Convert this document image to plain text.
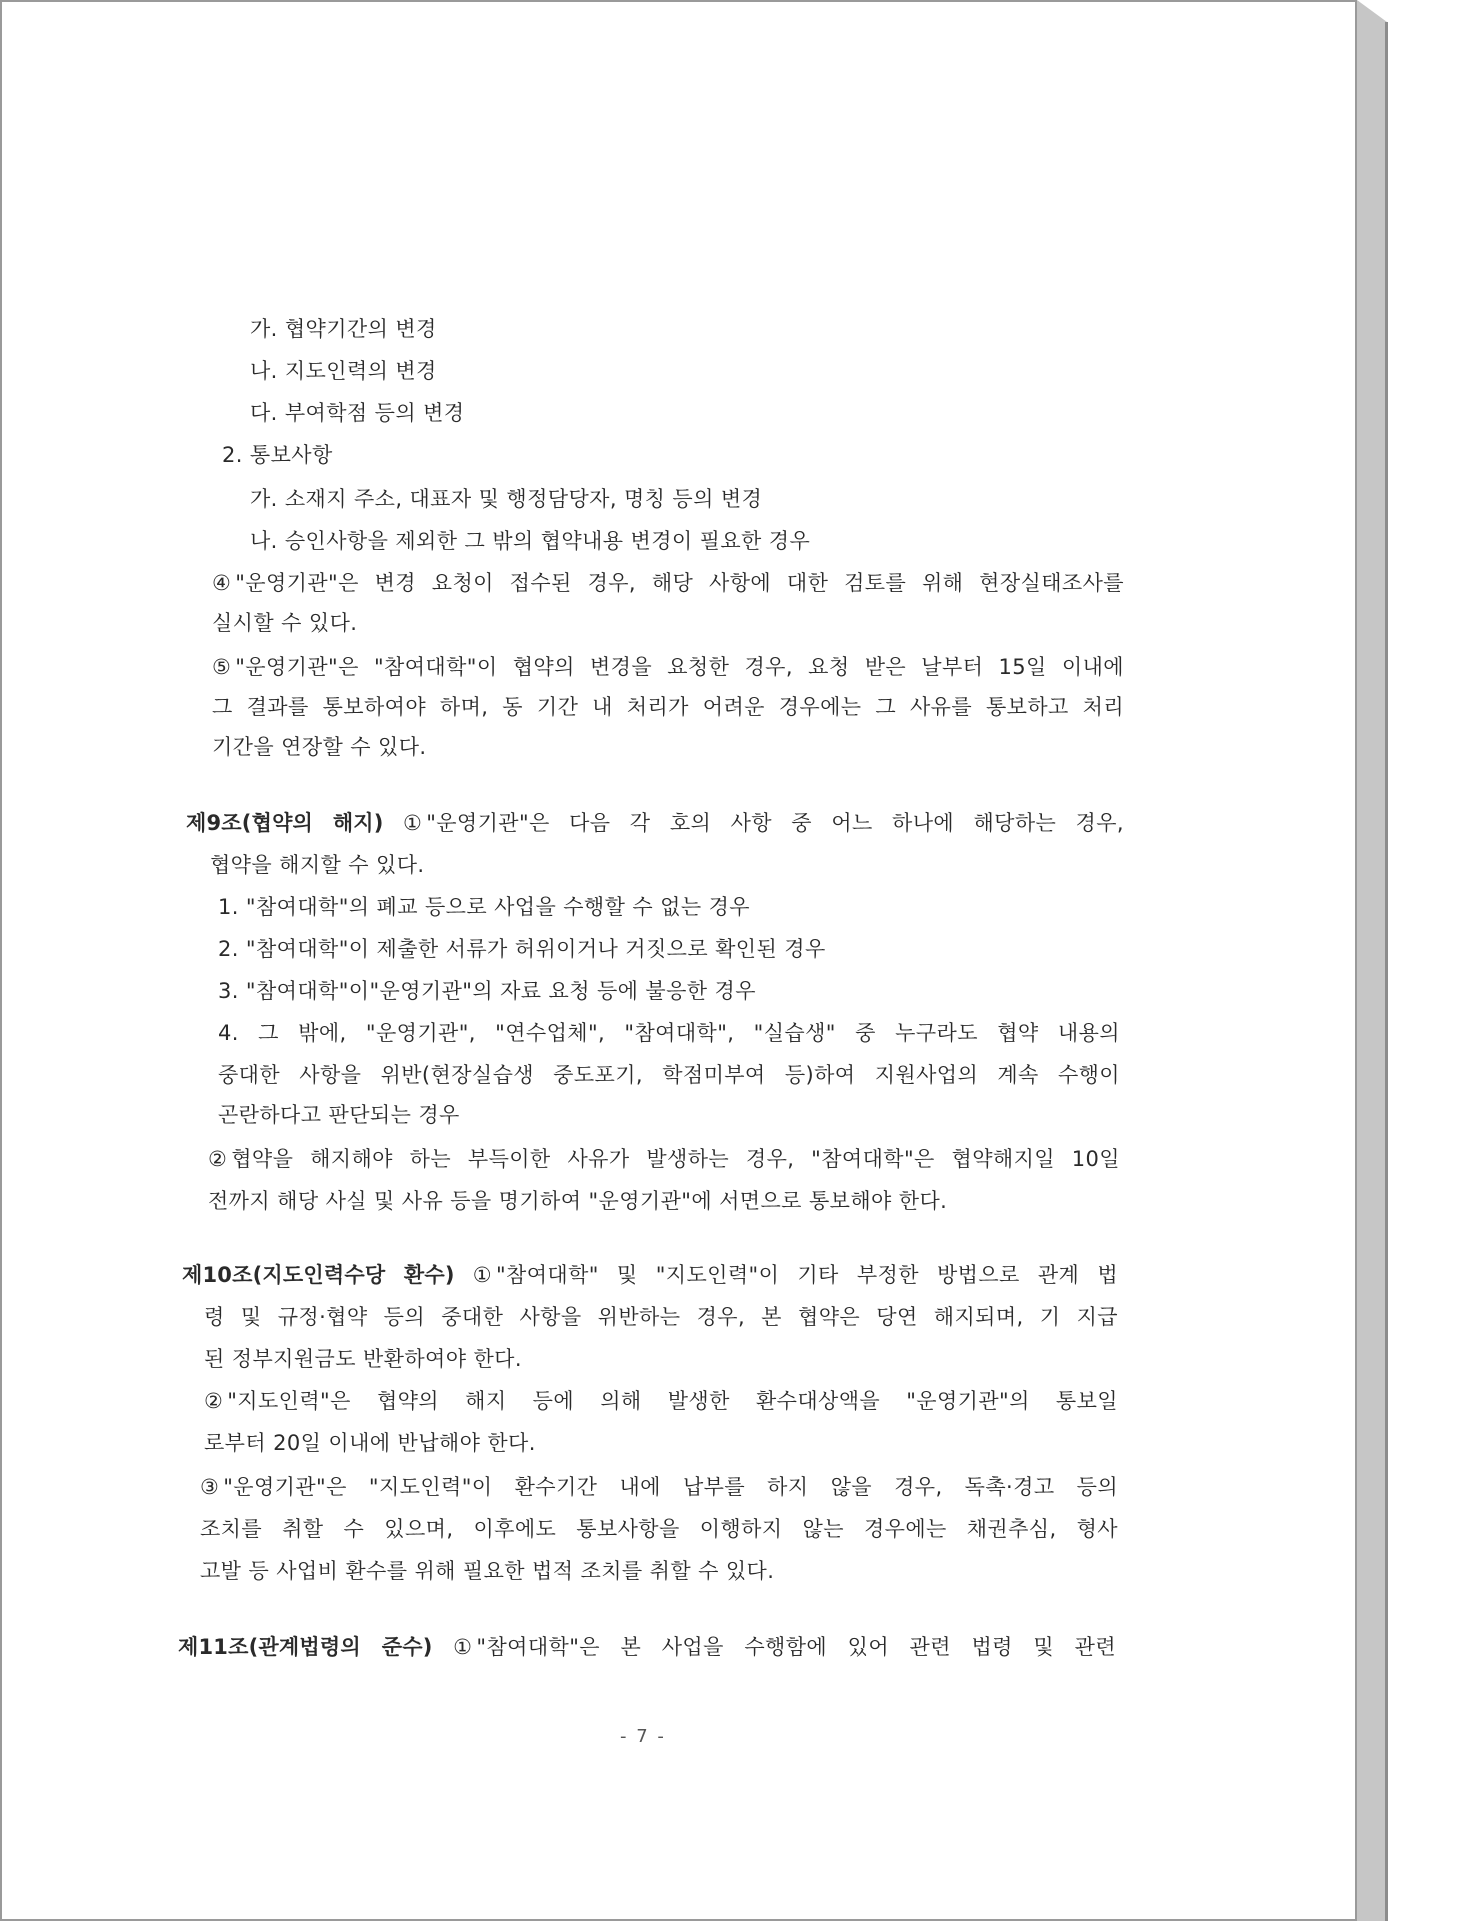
가. 협약기간의 변경
나. 지도인력의 변경
다. 부여학점 등의 변경
2. 통보사항
가. 소재지 주소, 대표자 및 행정담당자, 명칭 등의 변경
나. 승인사항을 제외한 그 밖의 협약내용 변경이 필요한 경우
④ "운영기관"은 변경 요청이 접수된 경우, 해당 사항에 대한 검토를 위해 현장실태조사를
실시할 수 있다.
⑤ "운영기관"은 "참여대학"이 협약의 변경을 요청한 경우, 요청 받은 날부터 15일 이내에
그 결과를 통보하여야 하며, 동 기간 내 처리가 어려운 경우에는 그 사유를 통보하고 처리
기간을 연장할 수 있다.
제9조(협약의 해지) ① "운영기관"은 다음 각 호의 사항 중 어느 하나에 해당하는 경우,
협약을 해지할 수 있다.
1. "참여대학"의 폐교 등으로 사업을 수행할 수 없는 경우
2. "참여대학"이 제출한 서류가 허위이거나 거짓으로 확인된 경우
3. "참여대학"이"운영기관"의 자료 요청 등에 불응한 경우
4. 그 밖에, "운영기관", "연수업체", "참여대학", "실습생" 중 누구라도 협약 내용의
중대한 사항을 위반(현장실습생 중도포기, 학점미부여 등)하여 지원사업의 계속 수행이
곤란하다고 판단되는 경우
② 협약을 해지해야 하는 부득이한 사유가 발생하는 경우, "참여대학"은 협약해지일 10일
전까지 해당 사실 및 사유 등을 명기하여 "운영기관"에 서면으로 통보해야 한다.
제10조(지도인력수당 환수) ① "참여대학" 및 "지도인력"이 기타 부정한 방법으로 관계 법
령 및 규정·협약 등의 중대한 사항을 위반하는 경우, 본 협약은 당연 해지되며, 기 지급
된 정부지원금도 반환하여야 한다.
② "지도인력"은 협약의 해지 등에 의해 발생한 환수대상액을 "운영기관"의 통보일
로부터 20일 이내에 반납해야 한다.
③ "운영기관"은 "지도인력"이 환수기간 내에 납부를 하지 않을 경우, 독촉·경고 등의
조치를 취할 수 있으며, 이후에도 통보사항을 이행하지 않는 경우에는 채권추심, 형사
고발 등 사업비 환수를 위해 필요한 법적 조치를 취할 수 있다.
제11조(관계법령의 준수) ① "참여대학"은 본 사업을 수행함에 있어 관련 법령 및 관련
- 7 -
